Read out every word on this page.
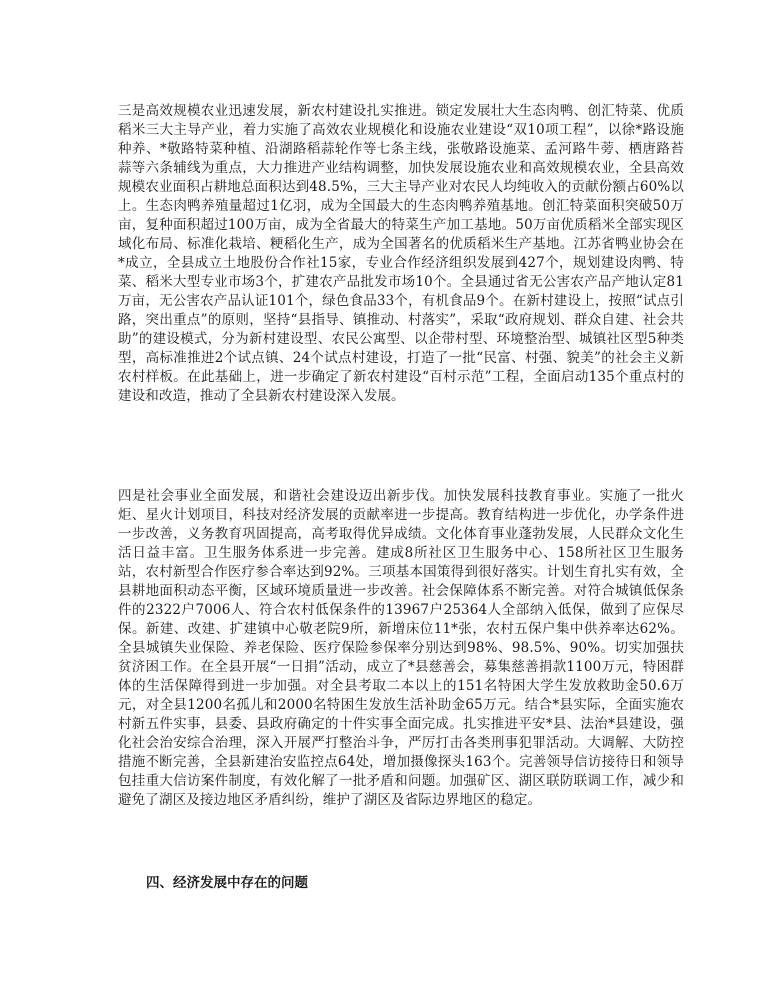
三是高效规模农业迅速发展，新农村建设扎实推进。锁定发展壮大生态肉鸭、创汇特菜、优质稻米三大主导产业，着力实施了高效农业规模化和设施农业建设“双10项工程”，以徐*路设施种养、*敬路特菜种植、沿湖路稻蒜轮作等七条主线，张敬路设施菜、孟河路牛蒡、栖唐路苔蒜等六条辅线为重点，大力推进产业结构调整，加快发展设施农业和高效规模农业，全县高效规模农业面积占耕地总面积达到48.5%，三大主导产业对农民人均纯收入的贡献份额占60%以上。生态肉鸭养殖量超过1亿羽，成为全国最大的生态肉鸭养殖基地。创汇特菜面积突破50万亩，复种面积超过100万亩，成为全省最大的特菜生产加工基地。50万亩优质稻米全部实现区域化布局、标准化栽培、粳稻化生产，成为全国著名的优质稻米生产基地。江苏省鸭业协会在*成立，全县成立土地股份合作社15家，专业合作经济组织发展到427个，规划建设肉鸭、特菜、稻米大型专业市场3个，扩建农产品批发市场10个。全县通过省无公害农产品产地认定81万亩，无公害农产品认证101个，绿色食品33个，有机食品9个。在新村建设上，按照“试点引路，突出重点”的原则，坚持“县指导、镇推动、村落实”，采取“政府规划、群众自建、社会共助”的建设模式，分为新村建设型、农民公寓型、以企带村型、环境整治型、城镇社区型5种类型，高标准推进2个试点镇、24个试点村建设，打造了一批“民富、村强、貌美”的社会主义新农村样板。在此基础上，进一步确定了新农村建设“百村示范”工程，全面启动135个重点村的建设和改造，推动了全县新农村建设深入发展。

四是社会事业全面发展，和谐社会建设迈出新步伐。加快发展科技教育事业。实施了一批火炬、星火计划项目，科技对经济发展的贡献率进一步提高。教育结构进一步优化，办学条件进一步改善，义务教育巩固提高，高考取得优异成绩。文化体育事业蓬勃发展，人民群众文化生活日益丰富。卫生服务体系进一步完善。建成8所社区卫生服务中心、158所社区卫生服务站，农村新型合作医疗参合率达到92%。三项基本国策得到很好落实。计划生育扎实有效，全县耕地面积动态平衡，区域环境质量进一步改善。社会保障体系不断完善。对符合城镇低保条件的2322户7006人、符合农村低保条件的13967户25364人全部纳入低保，做到了应保尽保。新建、改建、扩建镇中心敬老院9所，新增床位11*张，农村五保户集中供养率达62%。全县城镇失业保险、养老保险、医疗保险参保率分别达到98%、98.5%、90%。切实加强扶贫济困工作。在全县开展“一日捐”活动，成立了*县慈善会，募集慈善捐款1100万元，特困群体的生活保障得到进一步加强。对全县考取二本以上的151名特困大学生发放救助金50.6万元，对全县1200名孤儿和2000名特困生发放生活补助金65万元。结合*县实际，全面实施农村新五件实事，县委、县政府确定的十件实事全面完成。扎实推进平安*县、法治*县建设，强化社会治安综合治理，深入开展严打整治斗争，严厉打击各类刑事犯罪活动。大调解、大防控措施不断完善，全县新建治安监控点64处，增加摄像探头163个。完善领导信访接待日和领导包挂重大信访案件制度，有效化解了一批矛盾和问题。加强矿区、湖区联防联调工作，减少和避免了湖区及接边地区矛盾纠纷，维护了湖区及省际边界地区的稳定。

四、经济发展中存在的问题
